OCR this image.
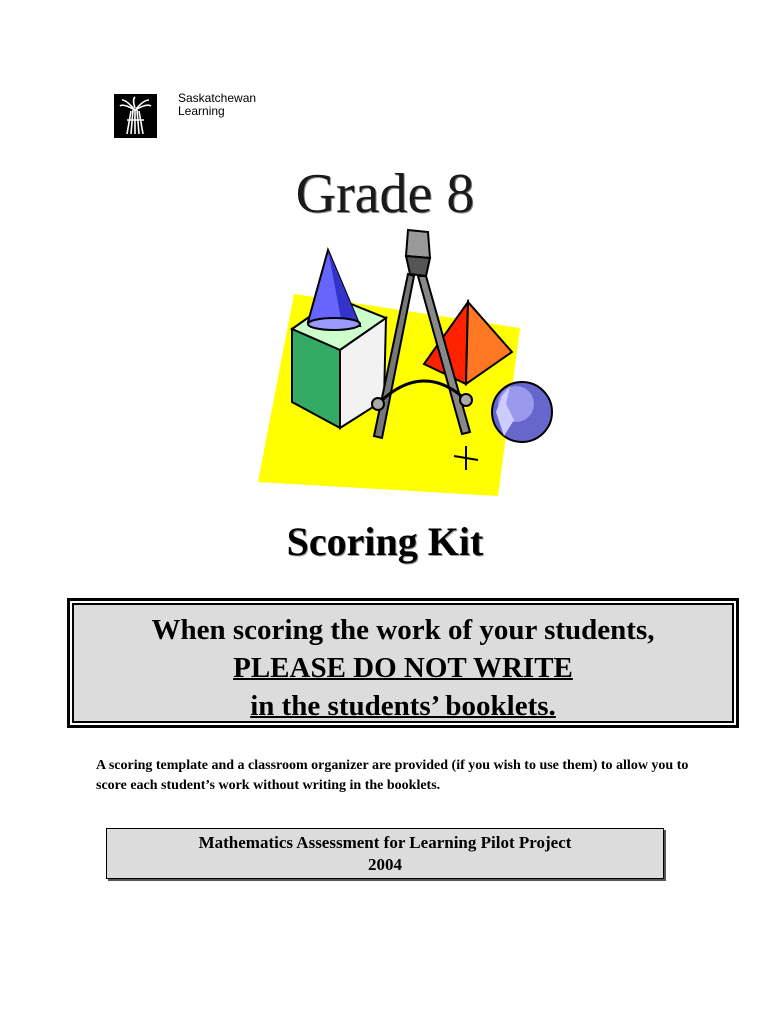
Saskatchewan
Learning
Grade 8
Scoring Kit
When scoring the work of your students,
PLEASE DO NOT WRITE
in the students’ booklets.
A scoring template and a classroom organizer are provided (if you wish to use them) to allow you to score each student’s work without writing in the booklets.
Mathematics Assessment for Learning Pilot Project
2004
